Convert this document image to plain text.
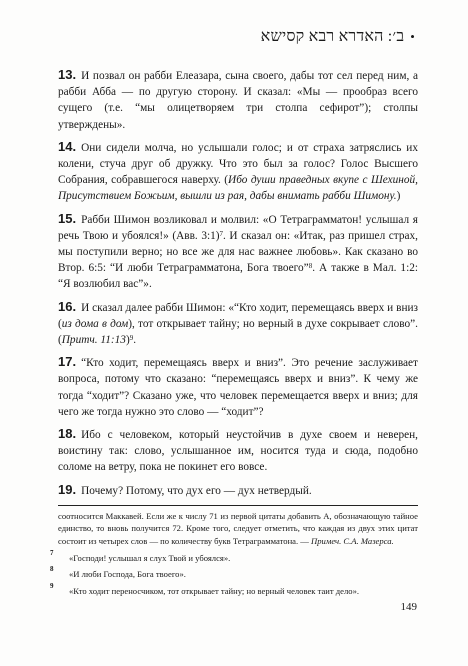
•ב׳: האדרא רבא קסישא

13. И позвал он рабби Елеазара, сына своего, дабы тот сел перед ним, а рабби Абба — по другую сторону. И сказал: «Мы — прообраз всего сущего (т.е. “мы олицетворяем три столпа сефирот”); столпы утверждены».

14. Они сидели молча, но услышали голос; и от страха затряслись их колени, стуча друг об дружку. Что это был за голос? Голос Высшего Собрания, собравшегося наверху. (Ибо души праведных вкупе с Шехиной, Присутствием Божьим, вышли из рая, дабы внимать рабби Шимону.)

15. Рабби Шимон возликовал и молвил: «О Тетраграмматон! услышал я речь Твою и убоялся!» (Авв. 3:1)$^7$. И сказал он: «Итак, раз пришел страх, мы поступили верно; но все же для нас важнее любовь». Как сказано во Втор. 6:5: “И люби Тетраграмматона, Бога твоего”$^8$. А также в Мал. 1:2: “Я возлюбил вас”».

16. И сказал далее рабби Шимон: «“Кто ходит, перемещаясь вверх и вниз (из дома в дом), тот открывает тайну; но верный в духе сокрывает слово”. (Притч. 11:13)$^9$.

17. “Кто ходит, перемещаясь вверх и вниз”. Это речение заслуживает вопроса, потому что сказано: “перемещаясь вверх и вниз”. К чему же тогда “ходит”? Сказано уже, что человек перемещается вверх и вниз; для чего же тогда нужно это слово — “ходит”?

18. Ибо с человеком, который неустойчив в духе своем и неверен, воистину так: слово, услышанное им, носится туда и сюда, подобно соломе на ветру, пока не покинет его вовсе.

19. Почему? Потому, что дух его — дух нетвердый.

соотносится Маккавей. Если же к числу 71 из первой цитаты добавить А, обозначающую тайное единство, то вновь получится 72. Кроме того, следует отметить, что каждая из двух этих цитат состоит из четырех слов — по количеству букв Тетраграмматона. — Примеч. С.А. Мазерса.

7 «Господи! услышал я слух Твой и убоялся».

8 «И люби Господа, Бога твоего».

9 «Кто ходит переносчиком, тот открывает тайну; но верный человек таит дело».

149
